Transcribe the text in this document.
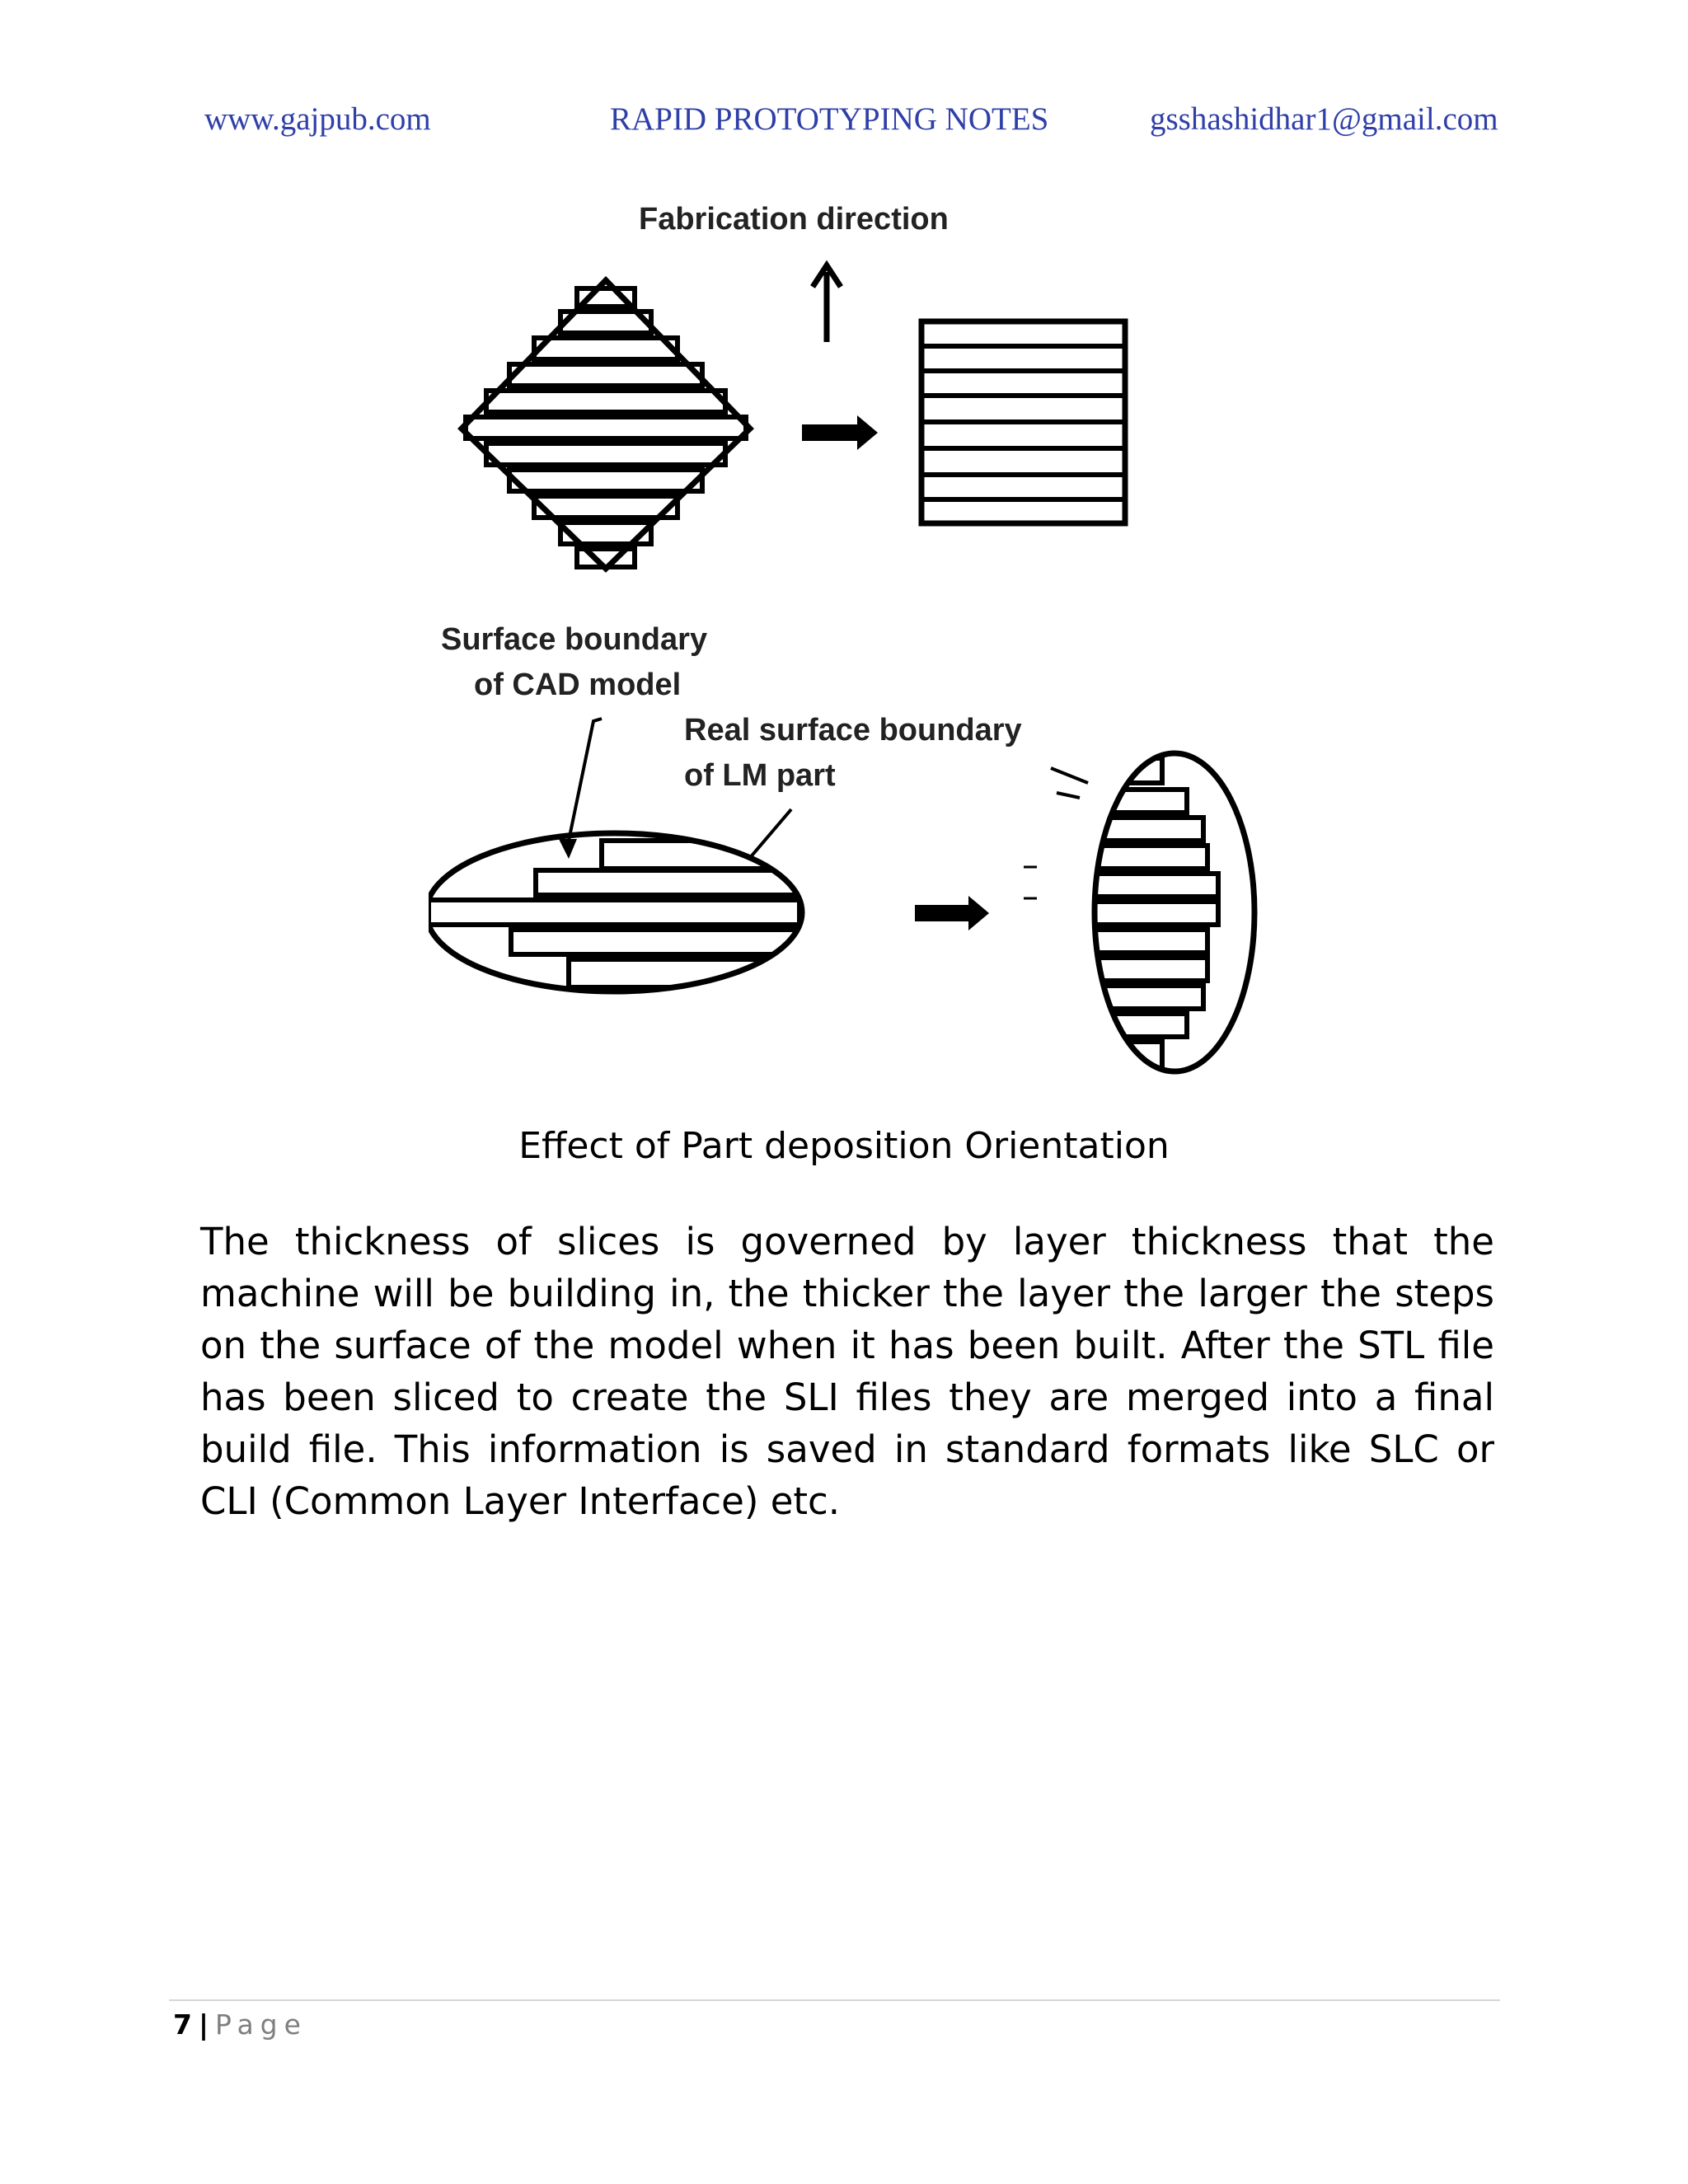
www.gajpub.com	RAPID PROTOTYPING NOTES	gsshashidhar1@gmail.com
Fabrication direction
Surface boundary
of CAD model
Real surface boundary
of LM part
Effect of Part deposition Orientation

The thickness of slices is governed by layer thickness that the machine will be building in, the thicker the layer the larger the steps on the surface of the model when it has been built. After the STL file has been sliced to create the SLI files they are merged into a final build file. This information is saved in standard formats like SLC or CLI (Common Layer Interface) etc.

7 | Page
